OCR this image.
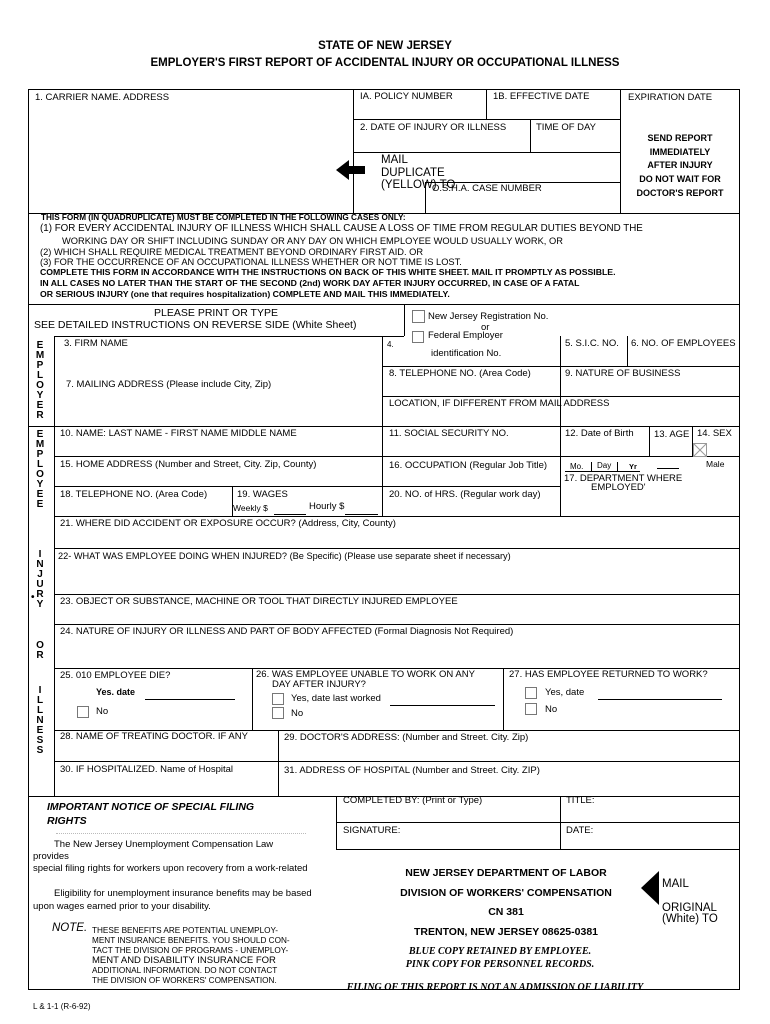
STATE OF NEW JERSEY
EMPLOYER'S FIRST REPORT OF ACCIDENTAL INJURY OR OCCUPATIONAL ILLNESS
1. CARRIER NAME. ADDRESS	IA. POLICY NUMBER	1B. EFFECTIVE DATE	EXPIRATION DATE
2. DATE OF INJURY OR ILLNESS	TIME OF DAY
SEND REPORT
IMMEDIATELY
AFTER INJURY
DO NOT WAIT FOR
DOCTOR'S REPORT
MAIL
DUPLICATE
(YELLOW) TO
O.S.H.A. CASE NUMBER
THIS FORM (IN QUADRUPLICATE) MUST BE COMPLETED IN THE FOLLOWING CASES ONLY:
(1) FOR EVERY ACCIDENTAL INJURY OF ILLNESS WHICH SHALL CAUSE A LOSS OF TIME FROM REGULAR DUTIES BEYOND THE
WORKING DAY OR SHIFT INCLUDING SUNDAY OR ANY DAY ON WHICH EMPLOYEE WOULD USUALLY WORK, OR
(2) WHICH SHALL REQUIRE MEDICAL TREATMENT BEYOND ORDINARY FIRST AID. OR
(3) FOR THE OCCURRENCE OF AN OCCUPATIONAL ILLNESS WHETHER OR NOT TIME IS LOST.
COMPLETE THIS FORM IN ACCORDANCE WITH THE INSTRUCTIONS ON BACK OF THIS WHITE SHEET. MAIL IT PROMPTLY AS POSSIBLE.
IN ALL CASES NO LATER THAN THE START OF THE SECOND (2nd) WORK DAY AFTER INJURY OCCURRED, IN CASE OF A FATAL
OR SERIOUS INJURY (one that requires hospitalization) COMPLETE AND MAIL THIS IMMEDIATELY.
PLEASE PRINT OR TYPE
SEE DETAILED INSTRUCTIONS ON REVERSE SIDE (White Sheet)
E
M
P
L
O
Y
E
R
3. FIRM NAME	4.
New Jersey Registration No.
or
Federal Employer
identification No.
5. S.I.C. NO. 6. NO. OF EMPLOYEES
7. MAILING ADDRESS (Please include City, Zip)
8. TELEPHONE NO. (Area Code)	9. NATURE OF BUSINESS
LOCATION, IF DIFFERENT FROM MAIL ADDRESS
E
M
P
L
O
Y
E
E
10. NAME: LAST NAME - FIRST NAME MIDDLE NAME	11. SOCIAL SECURITY NO.	12. Date of Birth 13. AGE 14. SEX
15. HOME ADDRESS (Number and Street, City. Zip, County)	16. OCCUPATION (Regular Job Title)	Mo. Day Yr	Male
17. DEPARTMENT WHERE
EMPLOYED'
18. TELEPHONE NO. (Area Code)	19. WAGES
Weekly $	Hourly $
20. NO. of HRS. (Regular work day)
21. WHERE DID ACCIDENT OR EXPOSURE OCCUR? (Address, City, County)
22- WHAT WAS EMPLOYEE DOING WHEN INJURED? (Be Specific) (Please use separate sheet if necessary)
23. OBJECT OR SUBSTANCE, MACHINE OR TOOL THAT DIRECTLY INJURED EMPLOYEE
24. NATURE OF INJURY OR ILLNESS AND PART OF BODY AFFECTED (Formal Diagnosis Not Required)
I
N
J
U
R
Y
•
O
R
I
L
L
N
E
S
S
25. 010 EMPLOYEE DIE?
Yes. date
No
26. WAS EMPLOYEE UNABLE TO WORK ON ANY
DAY AFTER INJURY?
Yes, date last worked
No
27. HAS EMPLOYEE RETURNED TO WORK?
Yes, date
No
28. NAME OF TREATING DOCTOR. IF ANY	29. DOCTOR'S ADDRESS: (Number and Street. City. Zip)
30. IF HOSPITALIZED. Name of Hospital	31. ADDRESS OF HOSPITAL (Number and Street. City. ZIP)
COMPLETED BY: (Print or Type)	TITLE:
SIGNATURE:	DATE:
IMPORTANT NOTICE OF SPECIAL FILING
RIGHTS
The New Jersey Unemployment Compensation Law
provides
special filing rights for workers upon recovery from a work-related
Eligibility for unemployment insurance benefits may be based
upon wages earned prior to your disability.
NOTE. THESE BENEFITS ARE POTENTIAL UNEMPLOY-
MENT INSURANCE BENEFITS. YOU SHOULD CON-
TACT THE DIVISION OF PROGRAMS - UNEMPLOY-
MENT AND DISABILITY INSURANCE FOR
ADDITIONAL INFORMATION. DO NOT CONTACT
THE DIVISION OF WORKERS' COMPENSATION.
NEW JERSEY DEPARTMENT OF LABOR
DIVISION OF WORKERS' COMPENSATION
CN 381
TRENTON, NEW JERSEY 08625-0381
MAIL
ORIGINAL
(White) TO
BLUE COPY RETAINED BY EMPLOYEE.
PINK COPY FOR PERSONNEL RECORDS.
FILING OF THIS REPORT IS NOT AN ADMISSION OF LIABILITY
L & 1-1 (R-6-92)
